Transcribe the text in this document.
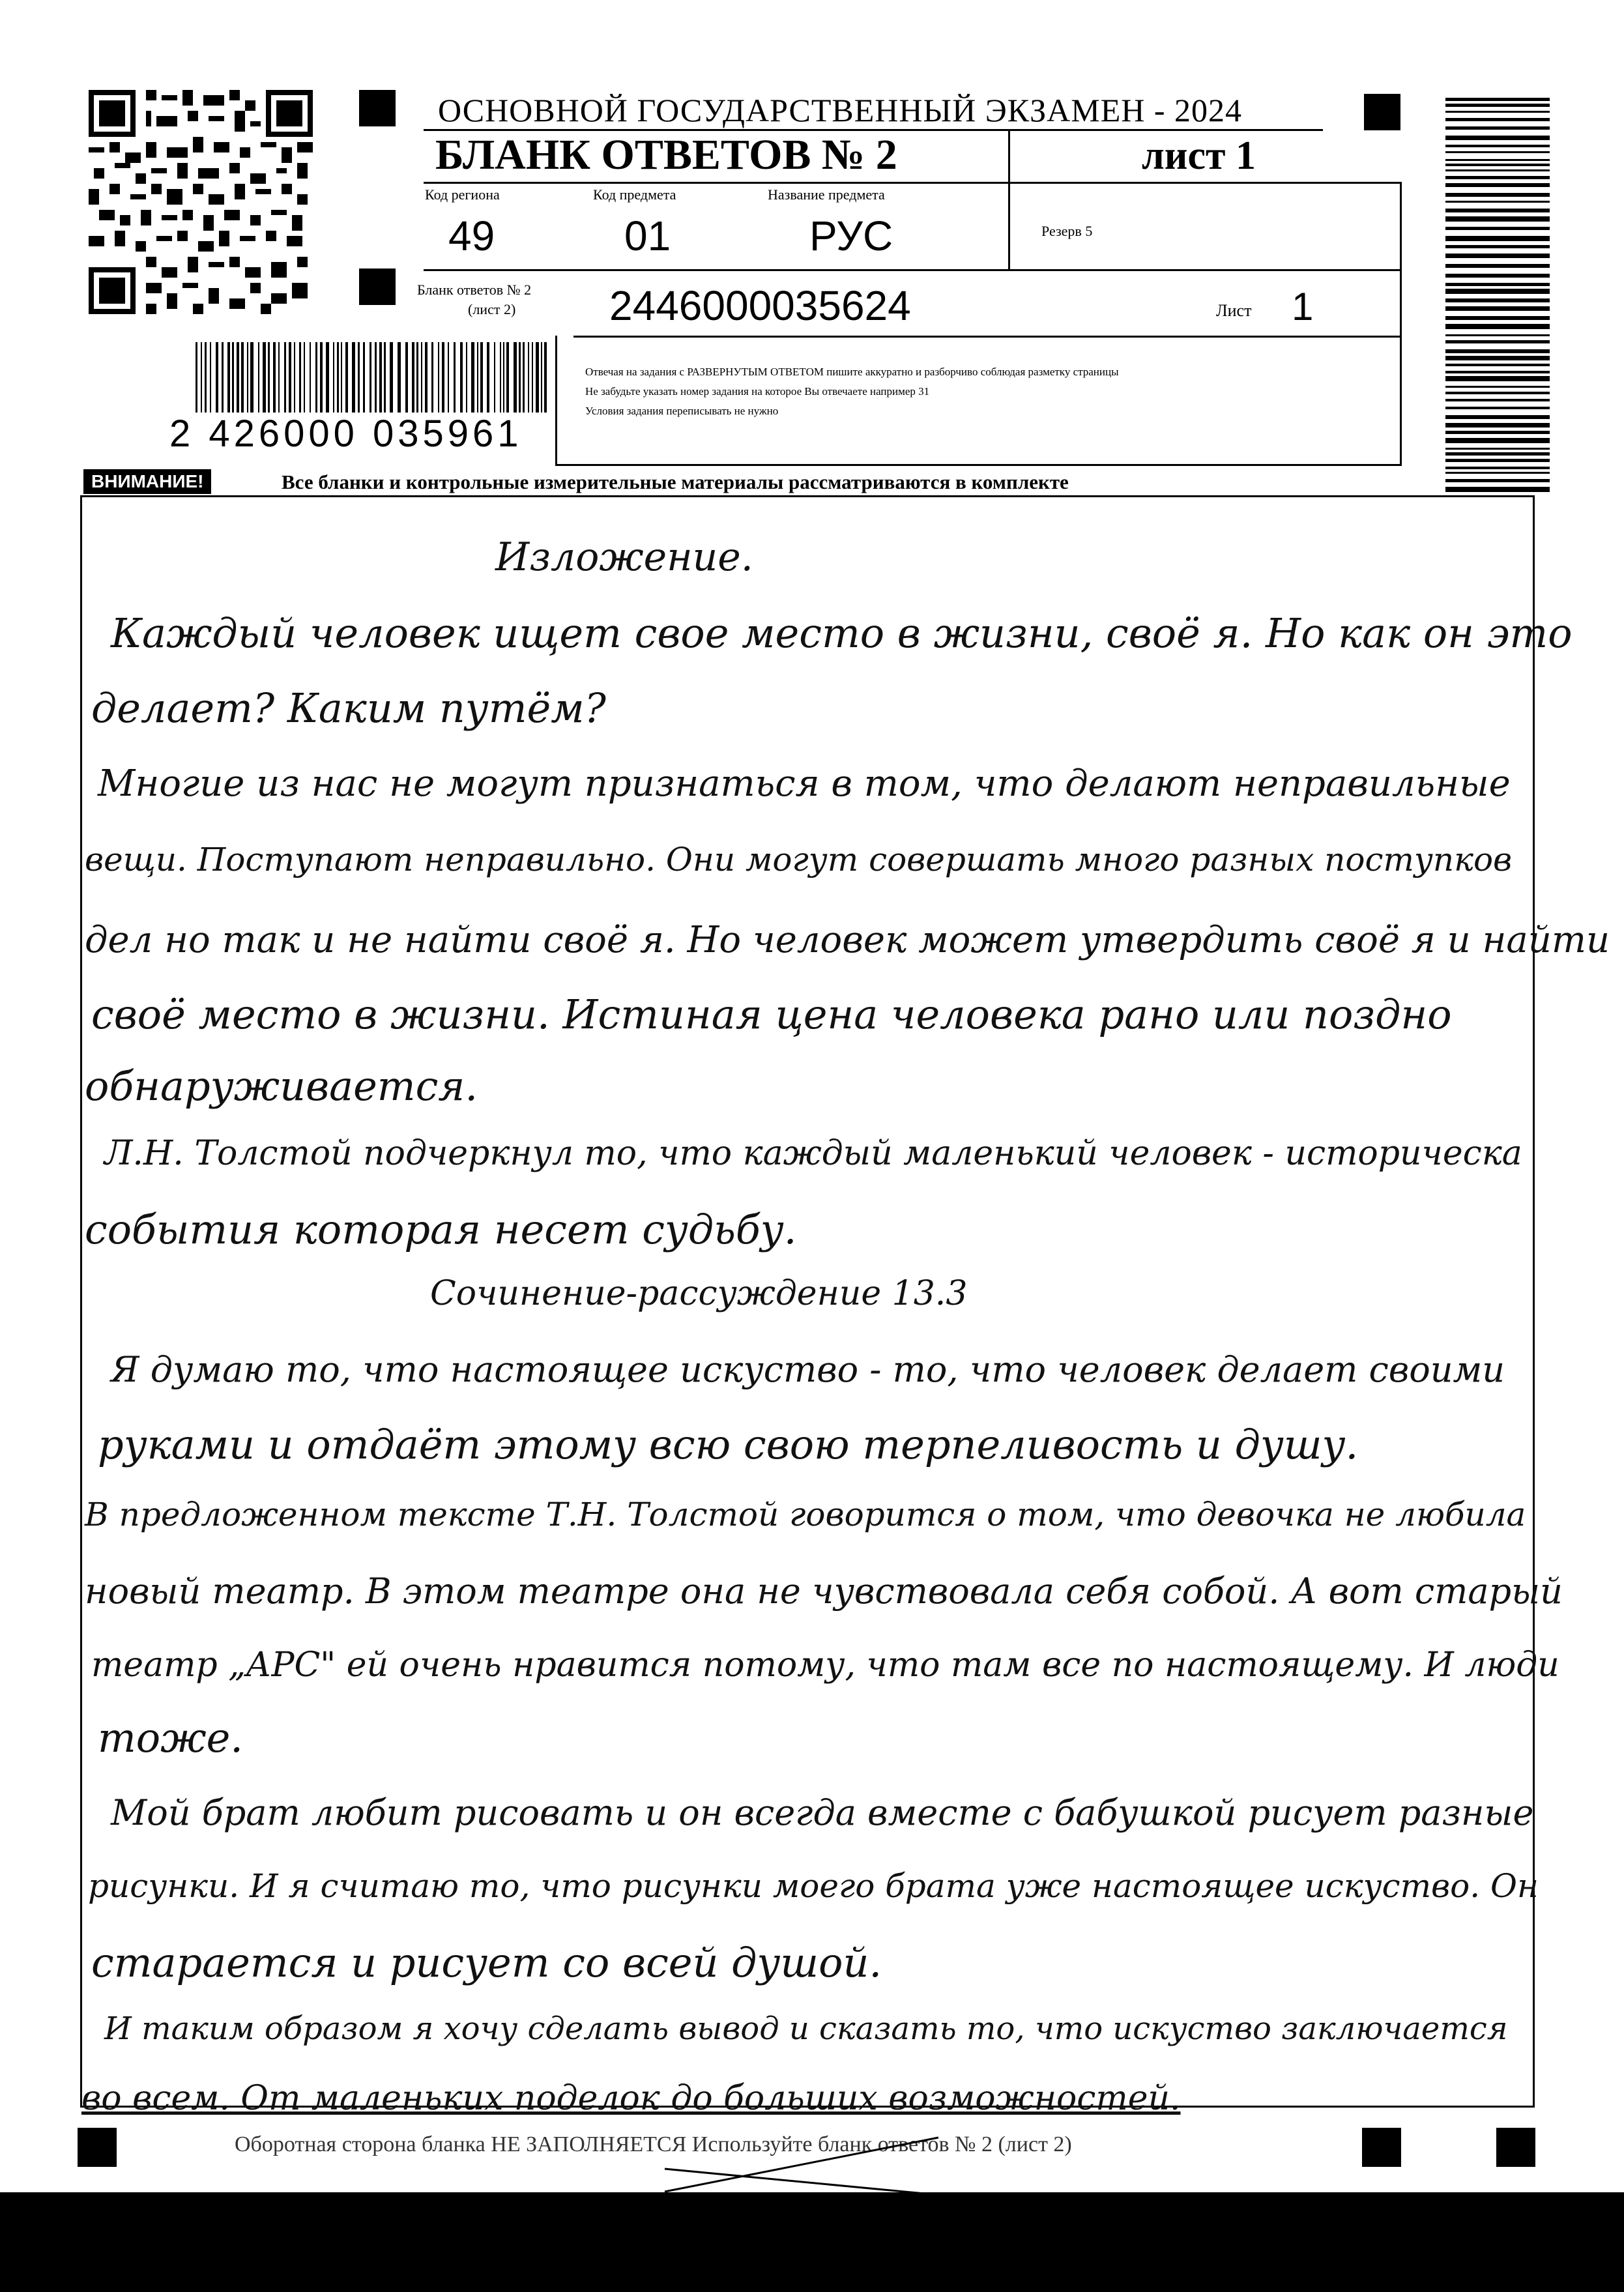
2 426000 035961
ОСНОВНОЙ ГОСУДАРСТВЕННЫЙ ЭКЗАМЕН - 2024
БЛАНК ОТВЕТОВ № 2	лист 1
Код региона	Код предмета	Название предмета
49	01	РУС	Резерв 5
Бланк ответов № 2
(лист 2) 2446000035624	Лист 1
Отвечая на задания с РАЗВЕРНУТЫМ ОТВЕТОМ пишите аккуратно и разборчиво соблюдая разметку страницы
Не забудьте указать номер задания на которое Вы отвечаете например 31
Условия задания переписывать не нужно
ВНИМАНИЕ!	Все бланки и контрольные измерительные материалы рассматриваются в комплекте
Изложение.
Каждый человек ищет свое место в жизни, своё я. Но как он это
делает? Каким путём?
Многие из нас не могут признаться в том, что делают неправильные
вещи. Поступают неправильно. Они могут совершать много разных поступков
дел но так и не найти своё я. Но человек может утвердить своё я и найти
своё место в жизни. Истиная цена человека рано или поздно
обнаруживается.
Л.Н. Толстой подчеркнул то, что каждый маленький человек - историческа
события которая несет судьбу.
Сочинение-рассуждение 13.3
Я думаю то, что настоящее искуство - то, что человек делает своими
руками и отдаёт этому всю свою терпеливость и душу.
В предложенном тексте Т.Н. Толстой говорится о том, что девочка не любила
новый театр. В этом театре она не чувствовала себя собой. А вот старый
театр „АРС" ей очень нравится потому, что там все по настоящему. И люди
тоже.
Мой брат любит рисовать и он всегда вместе с бабушкой рисует разные
рисунки. И я считаю то, что рисунки моего брата уже настоящее искуство. Он
старается и рисует со всей душой.
И таким образом я хочу сделать вывод и сказать то, что искуство заключается
во всем. От маленьких поделок до больших возможностей.
Оборотная сторона бланка НЕ ЗАПОЛНЯЕТСЯ Используйте бланк ответов № 2 (лист 2)
